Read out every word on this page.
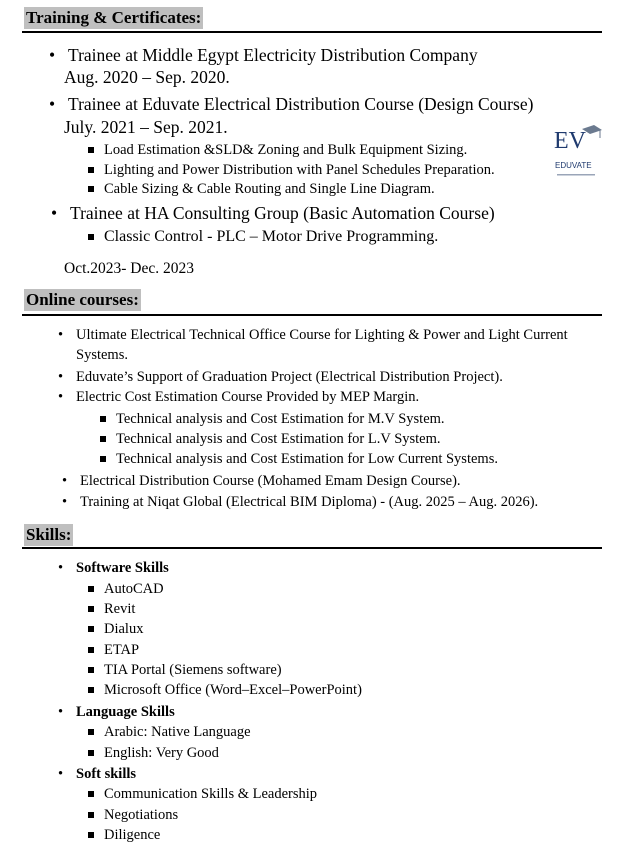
Training & Certificates:
• Trainee at Middle Egypt Electricity Distribution Company
Aug. 2020 – Sep. 2020.
• Trainee at Eduvate Electrical Distribution Course (Design Course)
July. 2021 – Sep. 2021.
Load Estimation &SLD& Zoning and Bulk Equipment Sizing.
Lighting and Power Distribution with Panel Schedules Preparation.
Cable Sizing & Cable Routing and Single Line Diagram.
EV
EDUVATE
• Trainee at HA Consulting Group (Basic Automation Course)
Classic Control - PLC – Motor Drive Programming.
Oct.2023- Dec. 2023
Online courses:
• Ultimate Electrical Technical Office Course for Lighting & Power and Light Current
Systems.
• Eduvate’s Support of Graduation Project (Electrical Distribution Project).
• Electric Cost Estimation Course Provided by MEP Margin.
Technical analysis and Cost Estimation for M.V System.
Technical analysis and Cost Estimation for L.V System.
Technical analysis and Cost Estimation for Low Current Systems.
• Electrical Distribution Course (Mohamed Emam Design Course).
• Training at Niqat Global (Electrical BIM Diploma) - (Aug. 2025 – Aug. 2026).
Skills:
• Software Skills
AutoCAD
Revit
Dialux
ETAP
TIA Portal (Siemens software)
Microsoft Office (Word–Excel–PowerPoint)
• Language Skills
Arabic: Native Language
English: Very Good
• Soft skills
Communication Skills & Leadership
Negotiations
Diligence
